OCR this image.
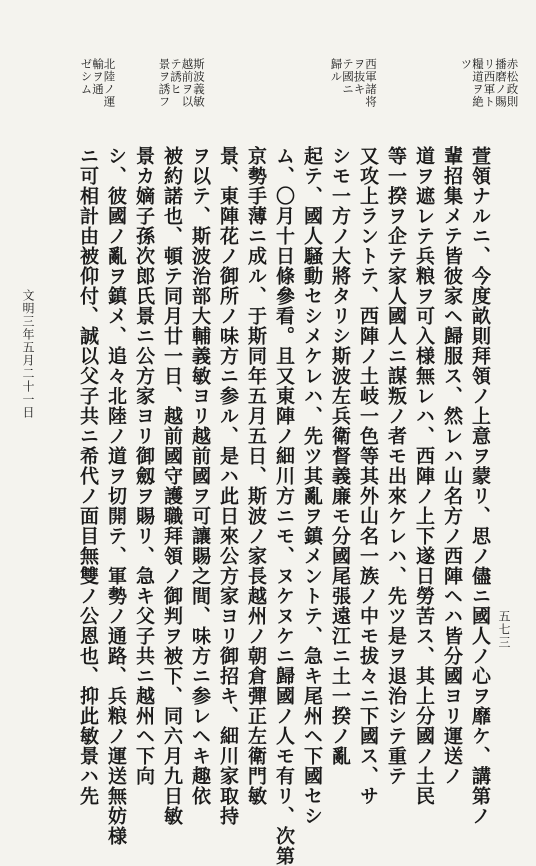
赤松政則
播磨ノ賜
リ西軍ト
糧道ヲ絶
ツ
西軍諸将
ヲ抜キ
テ國ニ
歸ル
斯波義敏
越前ヲ以
テ誘ヒ
景ヲ誘フ
北陸ノ運
輸ヲ通
ゼシム
五七三
萱領ナルニ、今度畝則拜領ノ上意ヲ蒙リ、思ノ儘ニ國人ノ心ヲ靡ケ、講第ノ
輩招集メテ皆彼家ヘ歸服ス、然レハ山名方ノ西陣ヘハ皆分國ヨリ運送ノ
道ヲ遮レテ兵粮ヲ可入様無レハ、西陣ノ上下遂日勞苦ス、其上分國ノ土民
等一揆ヲ企テ家人國人ニ謀叛ノ者モ出來ケレハ、先ツ是ヲ退治シテ重テ
又攻上ラントテ、西陣ノ土岐一色等其外山名一族ノ中モ拔々ニ下國ス、サ
シモ一方ノ大將タリシ斯波左兵衛督義廉モ分國尾張遠江ニ土一揆ノ亂
起テ、國人騒動セシメケレハ、先ツ其亂ヲ鎮メントテ、急キ尾州ヘ下國セシ
ム、〇月十日條參看。且又東陣ノ細川方ニモ、ヌケヌケニ歸國ノ人モ有リ、次第
京勢手薄ニ成ル、于斯同年五月五日、斯波ノ家長越州ノ朝倉彈正左衛門敏
景、東陣花ノ御所ノ味方ニ参ル、是ハ此日來公方家ヨリ御招キ、細川家取持
ヲ以テ、斯波治部大輔義敏ヨリ越前國ヲ可讓賜之間、味方ニ参レヘキ趣依
被約諾也、頓テ同月廿一日、越前國守護職拜領ノ御判ヲ被下、同六月九日敏
景カ嫡子孫次郎氏景ニ公方家ヨリ御劔ヲ賜リ、急キ父子共ニ越州ヘ下向
シ、彼國ノ亂ヲ鎮メ、追々北陸ノ道ヲ切開テ、軍勢ノ通路、兵粮ノ運送無妨様
ニ可相計由被仰付、誠以父子共ニ希代ノ面目無雙ノ公恩也、抑此敏景ハ先
文明三年五月二十一日
